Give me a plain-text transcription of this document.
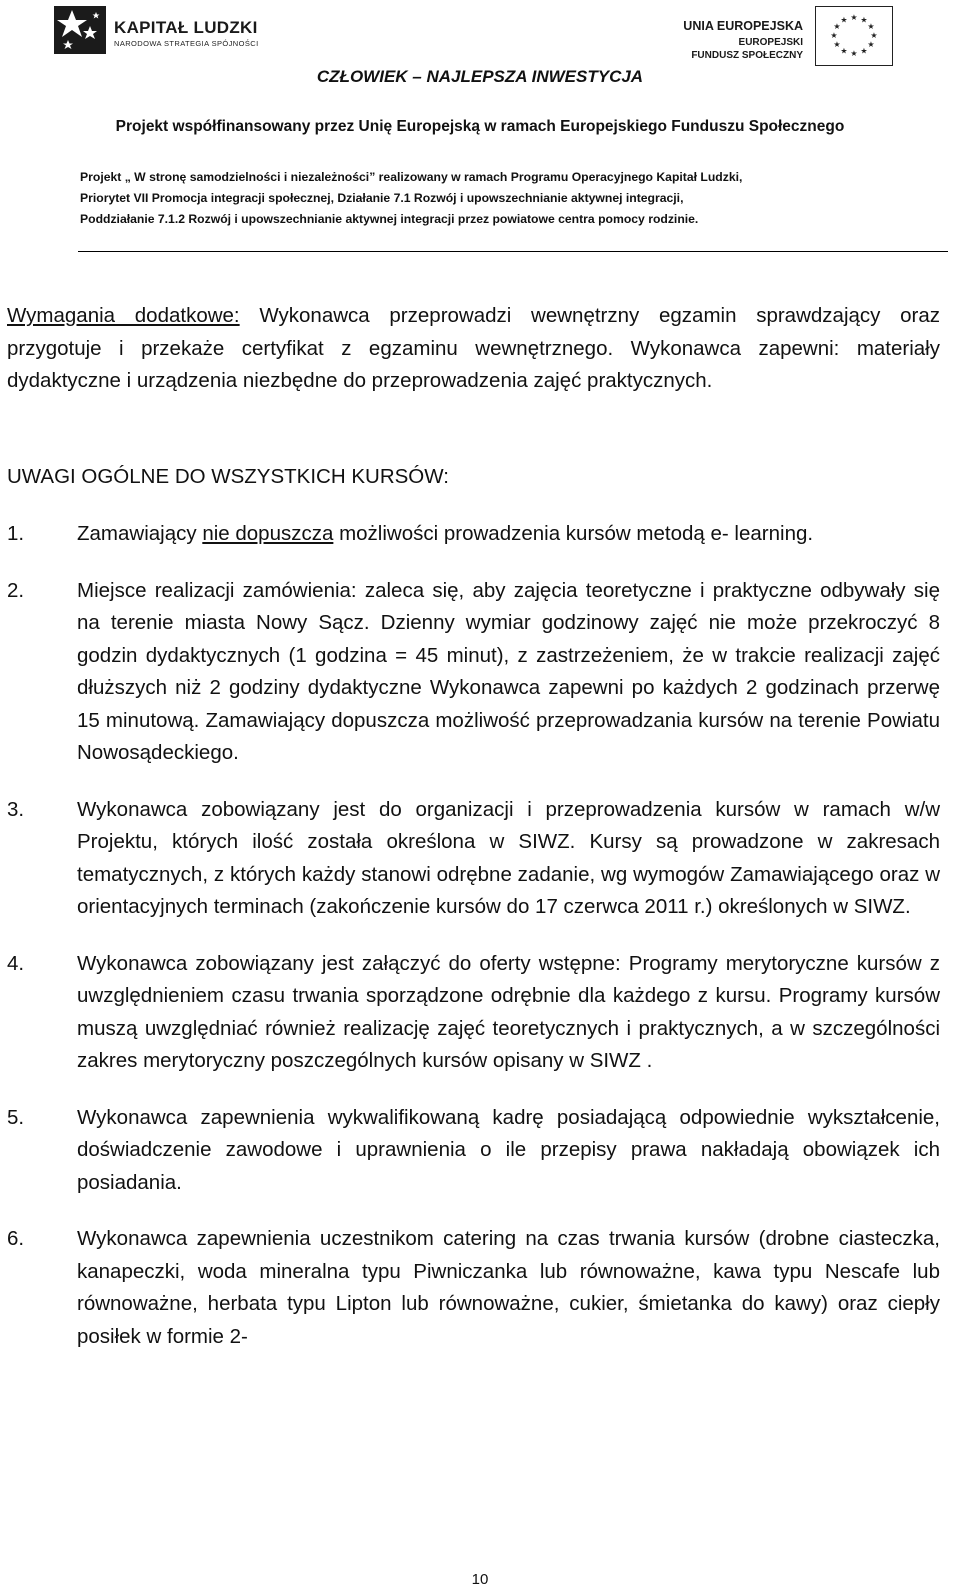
KAPITAŁ LUDZKI
NARODOWA STRATEGIA SPÓJNOŚCI
UNIA EUROPEJSKA
EUROPEJSKI
FUNDUSZ SPOŁECZNY
★ ★
★
★
★
★
★
★
★
★
★
★
CZŁOWIEK – NAJLEPSZA INWESTYCJA
Projekt współfinansowany przez Unię Europejską w ramach Europejskiego Funduszu Społecznego
Projekt „ W stronę samodzielności i niezależności” realizowany w ramach Programu Operacyjnego Kapitał Ludzki,
Priorytet VII Promocja integracji społecznej, Działanie 7.1 Rozwój i upowszechnianie aktywnej integracji,
Poddziałanie 7.1.2 Rozwój i upowszechnianie aktywnej integracji przez powiatowe centra pomocy rodzinie.

Wymagania dodatkowe: Wykonawca przeprowadzi wewnętrzny egzamin sprawdzający oraz przygotuje i przekaże certyfikat z egzaminu wewnętrznego. Wykonawca zapewni: materiały dydaktyczne i urządzenia niezbędne do przeprowadzenia zajęć praktycznych.

UWAGI OGÓLNE DO WSZYSTKICH KURSÓW:

1.	Zamawiający nie dopuszcza możliwości prowadzenia kursów metodą e- learning.
2.	Miejsce realizacji zamówienia: zaleca się, aby zajęcia teoretyczne i praktyczne odbywały się na terenie miasta Nowy Sącz. Dzienny wymiar godzinowy zajęć nie może przekroczyć 8 godzin dydaktycznych (1 godzina = 45 minut), z zastrzeżeniem, że w trakcie realizacji zajęć dłuższych niż 2 godziny dydaktyczne Wykonawca zapewni po każdych 2 godzinach przerwę 15 minutową. Zamawiający dopuszcza możliwość przeprowadzania kursów na terenie Powiatu Nowosądeckiego.
3.	Wykonawca zobowiązany jest do organizacji i przeprowadzenia kursów w ramach w/w Projektu, których ilość została określona w SIWZ. Kursy są prowadzone w zakresach tematycznych, z których każdy stanowi odrębne zadanie, wg wymogów Zamawiającego oraz w orientacyjnych terminach (zakończenie kursów do 17 czerwca 2011 r.) określonych w SIWZ.
4.	Wykonawca zobowiązany jest załączyć do oferty wstępne: Programy merytoryczne kursów z uwzględnieniem czasu trwania sporządzone odrębnie dla każdego z kursu. Programy kursów muszą uwzględniać również realizację zajęć teoretycznych i praktycznych, a w szczególności zakres merytoryczny poszczególnych kursów opisany w SIWZ .
5.	Wykonawca zapewnienia wykwalifikowaną kadrę posiadającą odpowiednie wykształcenie, doświadczenie zawodowe i uprawnienia o ile przepisy prawa nakładają obowiązek ich posiadania.
6.	Wykonawca zapewnienia uczestnikom catering na czas trwania kursów (drobne ciasteczka, kanapeczki, woda mineralna typu Piwniczanka lub równoważne, kawa typu Nescafe lub równoważne, herbata typu Lipton lub równoważne, cukier, śmietanka do kawy) oraz ciepły posiłek w formie 2-
10
